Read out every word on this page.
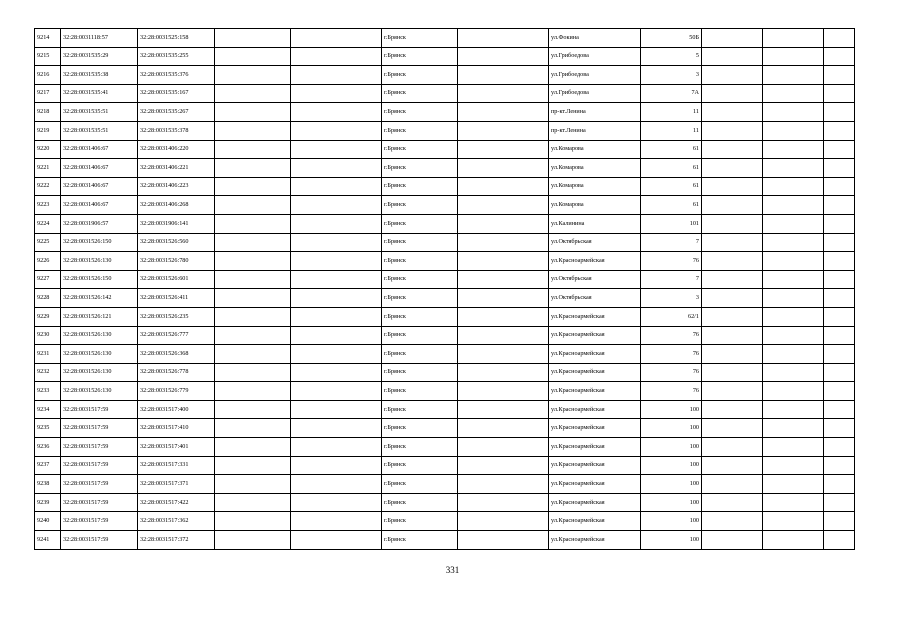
9214	32:28:0031118:57	32:28:0031525:158			г.Брянск		ул.Фокина	50Б			
9215	32:28:0031535:29	32:28:0031535:255			г.Брянск		ул.Грибоедова	5			
9216	32:28:0031535:38	32:28:0031535:376			г.Брянск		ул.Грибоедова	3			
9217	32:28:0031535:41	32:28:0031535:167			г.Брянск		ул.Грибоедова	7А			
9218	32:28:0031535:51	32:28:0031535:267			г.Брянск		пр-кт.Ленина	11			
9219	32:28:0031535:51	32:28:0031535:378			г.Брянск		пр-кт.Ленина	11			
9220	32:28:0031406:67	32:28:0031406:220			г.Брянск		ул.Комарова	61			
9221	32:28:0031406:67	32:28:0031406:221			г.Брянск		ул.Комарова	61			
9222	32:28:0031406:67	32:28:0031406:223			г.Брянск		ул.Комарова	61			
9223	32:28:0031406:67	32:28:0031406:268			г.Брянск		ул.Комарова	61			
9224	32:28:0031906:57	32:28:0031906:141			г.Брянск		ул.Калинина	101			
9225	32:28:0031526:150	32:28:0031526:560			г.Брянск		ул.Октябрьская	7			
9226	32:28:0031526:130	32:28:0031526:780			г.Брянск		ул.Красноармейская	76			
9227	32:28:0031526:150	32:28:0031526:601			г.Брянск		ул.Октябрьская	7			
9228	32:28:0031526:142	32:28:0031526:411			г.Брянск		ул.Октябрьская	3			
9229	32:28:0031526:121	32:28:0031526:235			г.Брянск		ул.Красноармейская	62/1			
9230	32:28:0031526:130	32:28:0031526:777			г.Брянск		ул.Красноармейская	76			
9231	32:28:0031526:130	32:28:0031526:368			г.Брянск		ул.Красноармейская	76			
9232	32:28:0031526:130	32:28:0031526:778			г.Брянск		ул.Красноармейская	76			
9233	32:28:0031526:130	32:28:0031526:779			г.Брянск		ул.Красноармейская	76			
9234	32:28:0031517:59	32:28:0031517:400			г.Брянск		ул.Красноармейская	100			
9235	32:28:0031517:59	32:28:0031517:410			г.Брянск		ул.Красноармейская	100			
9236	32:28:0031517:59	32:28:0031517:401			г.Брянск		ул.Красноармейская	100			
9237	32:28:0031517:59	32:28:0031517:331			г.Брянск		ул.Красноармейская	100			
9238	32:28:0031517:59	32:28:0031517:371			г.Брянск		ул.Красноармейская	100			
9239	32:28:0031517:59	32:28:0031517:422			г.Брянск		ул.Красноармейская	100			
9240	32:28:0031517:59	32:28:0031517:362			г.Брянск		ул.Красноармейская	100			
9241	32:28:0031517:59	32:28:0031517:372			г.Брянск		ул.Красноармейская	100			
331
